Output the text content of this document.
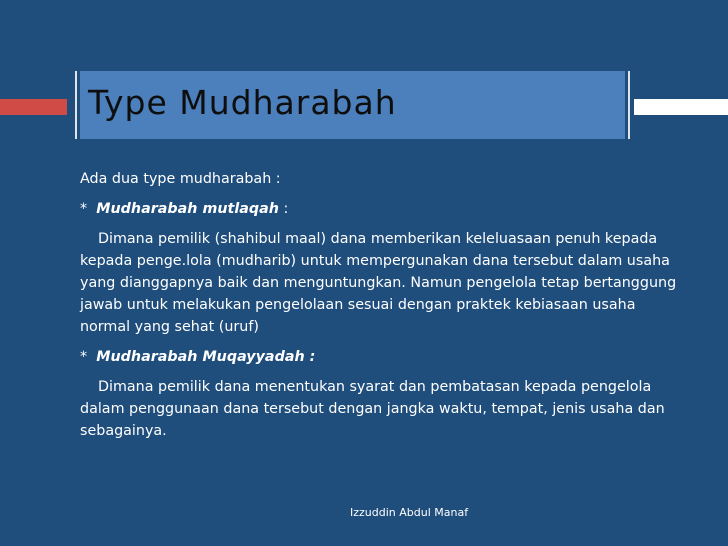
Type Mudharabah

Ada dua type mudharabah :

* Mudharabah mutlaqah :

Dimana pemilik (shahibul maal) dana memberikan keleluasaan penuh kepada kepada penge.lola (mudharib) untuk mempergunakan dana tersebut dalam usaha yang dianggapnya baik dan menguntungkan. Namun pengelola tetap bertanggung jawab untuk melakukan pengelolaan sesuai dengan praktek kebiasaan usaha normal yang sehat (uruf)

* Mudharabah Muqayyadah :

Dimana pemilik dana menentukan syarat dan pembatasan kepada pengelola dalam penggunaan dana tersebut dengan jangka waktu, tempat, jenis usaha dan sebagainya.

Izzuddin Abdul Manaf
